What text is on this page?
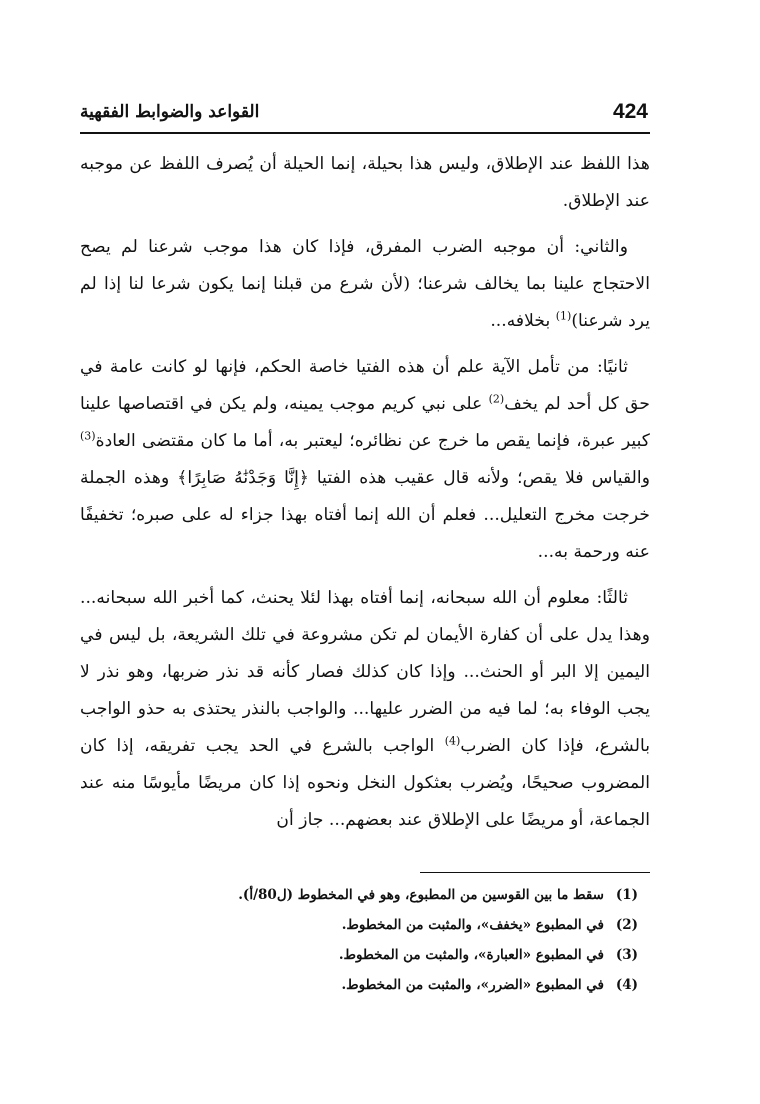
424
القواعد والضوابط الفقهية

هذا اللفظ عند الإطلاق، وليس هذا بحيلة، إنما الحيلة أن يُصرف اللفظ عن موجبه عند الإطلاق.

والثاني: أن موجبه الضرب المفرق، فإذا كان هذا موجب شرعنا لم يصح الاحتجاج علينا بما يخالف شرعنا؛ (لأن شرع من قبلنا إنما يكون شرعا لنا إذا لم يرد شرعنا)$^{(1)}$ بخلافه...

ثانيًا: من تأمل الآية علم أن هذه الفتيا خاصة الحكم، فإنها لو كانت عامة في حق كل أحد لم يخف$^{(2)}$ على نبي كريم موجب يمينه، ولم يكن في اقتصاصها علينا كبير عبرة، فإنما يقص ما خرج عن نظائره؛ ليعتبر به، أما ما كان مقتضى العادة$^{(3)}$ والقياس فلا يقص؛ ولأنه قال عقيب هذه الفتيا ﴿إِنَّا وَجَدْنَٰهُ صَابِرًا﴾ وهذه الجملة خرجت مخرج التعليل... فعلم أن الله إنما أفتاه بهذا جزاء له على صبره؛ تخفيفًا عنه ورحمة به...

ثالثًا: معلوم أن الله سبحانه، إنما أفتاه بهذا لئلا يحنث، كما أخبر الله سبحانه... وهذا يدل على أن كفارة الأيمان لم تكن مشروعة في تلك الشريعة، بل ليس في اليمين إلا البر أو الحنث... وإذا كان كذلك فصار كأنه قد نذر ضربها، وهو نذر لا يجب الوفاء به؛ لما فيه من الضرر عليها... والواجب بالنذر يحتذى به حذو الواجب بالشرع، فإذا كان الضرب$^{(4)}$ الواجب بالشرع في الحد يجب تفريقه، إذا كان المضروب صحيحًا، ويُضرب بعثكول النخل ونحوه إذا كان مريضًا مأيوسًا منه عند الجماعة، أو مريضًا على الإطلاق عند بعضهم... جاز أن

(1)سقط ما بين القوسين من المطبوع، وهو في المخطوط (ل80/أ).
(2)في المطبوع «يخفف»، والمثبت من المخطوط.
(3)في المطبوع «العبارة»، والمثبت من المخطوط.
(4)في المطبوع «الضرر»، والمثبت من المخطوط.
